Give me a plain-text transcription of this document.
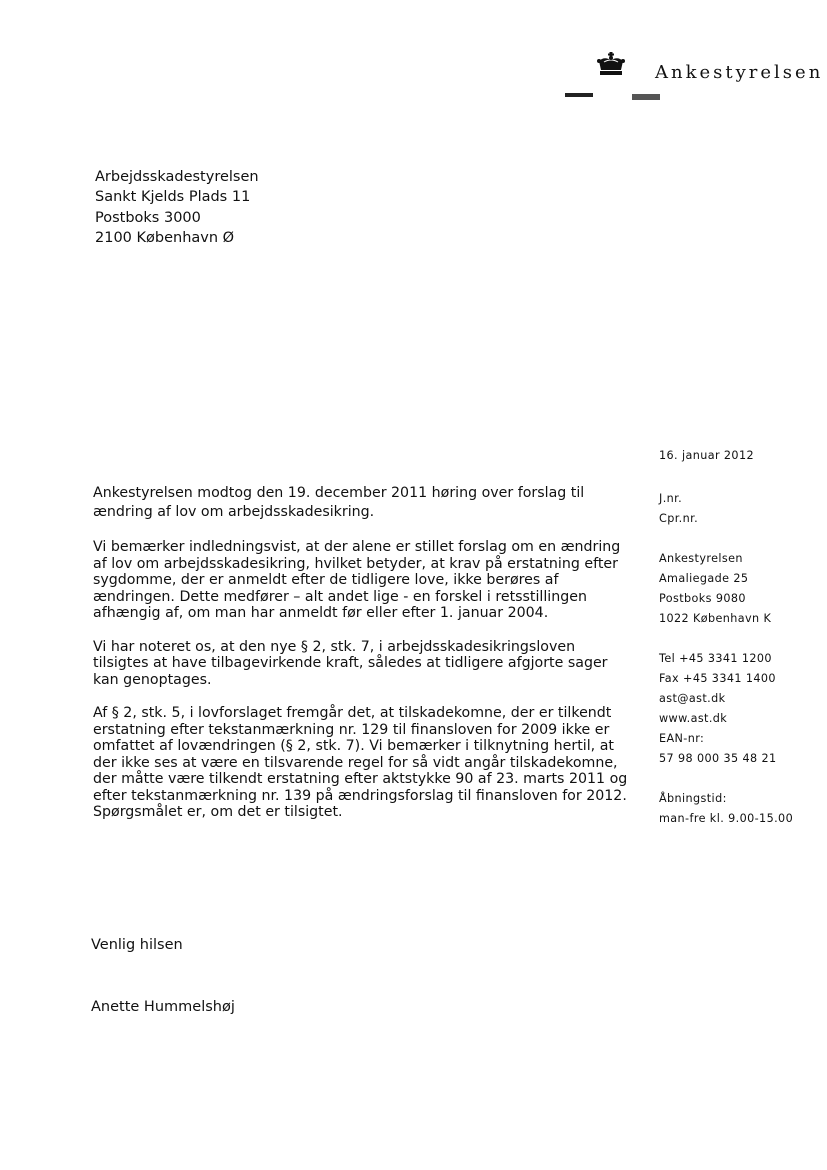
Ankestyrelsen
Arbejdsskadestyrelsen
Sankt Kjelds Plads 11
Postboks 3000
2100 København Ø
16. januar 2012
J.nr.
Cpr.nr.
Ankestyrelsen
Amaliegade 25
Postboks 9080
1022 København K
Tel +45 3341 1200
Fax +45 3341 1400
ast@ast.dk
www.ast.dk
EAN-nr:
57 98 000 35 48 21
Åbningstid:
man-fre kl. 9.00-15.00

Ankestyrelsen modtog den 19. december 2011 høring over forslag til ændring af lov om arbejdsskadesikring.

Vi bemærker indledningsvist, at der alene er stillet forslag om en ændring af lov om arbejdsskadesikring, hvilket betyder, at krav på erstatning efter sygdomme, der er anmeldt efter de tidligere love, ikke berøres af ændringen. Dette medfører – alt andet lige - en forskel i retsstillingen afhængig af, om man har anmeldt før eller efter 1. januar 2004.

Vi har noteret os, at den nye § 2, stk. 7, i arbejdsskadesikringsloven tilsigtes at have tilbagevirkende kraft, således at tidligere afgjorte sager kan genoptages.

Af § 2, stk. 5, i lovforslaget fremgår det, at tilskadekomne, der er tilkendt erstatning efter tekstanmærkning nr. 129 til finansloven for 2009 ikke er omfattet af lovændringen (§ 2, stk. 7). Vi bemærker i tilknytning hertil, at der ikke ses at være en tilsvarende regel for så vidt angår tilskadekomne, der måtte være tilkendt erstatning efter aktstykke 90 af 23. marts 2011 og efter tekstanmærkning nr. 139 på ændringsforslag til finansloven for 2012. Spørgsmålet er, om det er tilsigtet.

Venlig hilsen
Anette Hummelshøj
